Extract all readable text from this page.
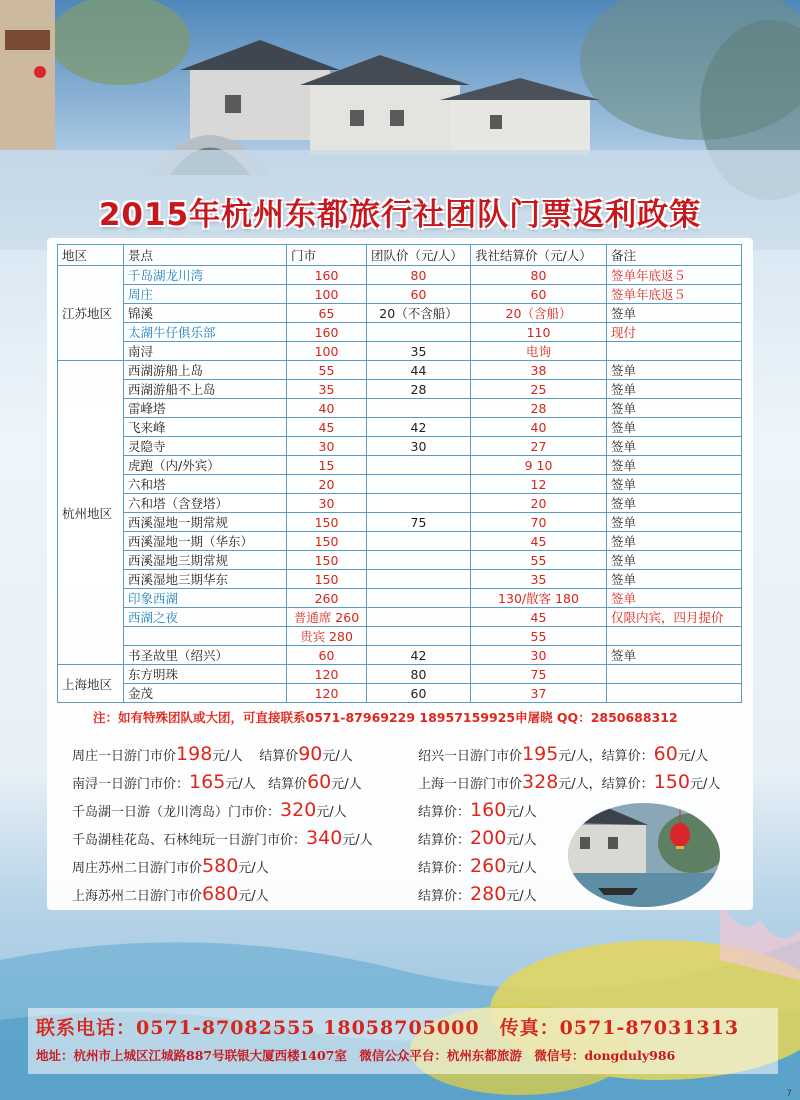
2015年杭州东都旅行社团队门票返利政策
地区	景点	门市	团队价（元/人）	我社结算价（元/人）	备注
江苏地区	千岛湖龙川湾	160	80	80	签单年底返５
	周庄	100	60	60	签单年底返５
	锦溪	65	20（不含船）	20（含船）	签单
	太湖牛仔俱乐部	160		110	现付
	南浔	100	35	电询	
杭州地区	西湖游船上岛	55	44	38	签单
	西湖游船不上岛	35	28	25	签单
	雷峰塔	40		28	签单
	飞来峰	45	42	40	签单
	灵隐寺	30	30	27	签单
	虎跑（内/外宾）	15		9 10	签单
	六和塔	20		12	签单
	六和塔（含登塔）	30		20	签单
	西溪湿地一期常规	150	75	70	签单
	西溪湿地一期（华东）	150		45	签单
	西溪湿地三期常规	150		55	签单
	西溪湿地三期华东	150		35	签单
	印象西湖	260		130/散客 180	签单
	西湖之夜	普通席 260		45	仅限内宾，四月提价
		贵宾 280		55	
	书圣故里（绍兴）	60	42	30	签单
上海地区	东方明珠	120	80	75	
	金茂	120	60	37	
注：如有特殊团队或大团，可直接联系0571-87969229 18957159925申屠晓 QQ：2850688312
周庄一日游门市价198元/人 结算价90元/人	绍兴一日游门市价195元/人，结算价：60元/人
南浔一日游门市价：165元/人 结算价60元/人	上海一日游门市价328元/人，结算价：150元/人
千岛湖一日游（龙川湾岛）门市价：320元/人	结算价：160元/人
千岛湖桂花岛、石林纯玩一日游门市价：340元/人	结算价：200元/人
周庄苏州二日游门市价580元/人	结算价：260元/人
上海苏州二日游门市价680元/人	结算价：280元/人
联系电话：0571-87082555 18058705000　传真：0571-87031313
地址：杭州市上城区江城路887号联银大厦西楼1407室　微信公众平台：杭州东都旅游　微信号：dongduly986
7
